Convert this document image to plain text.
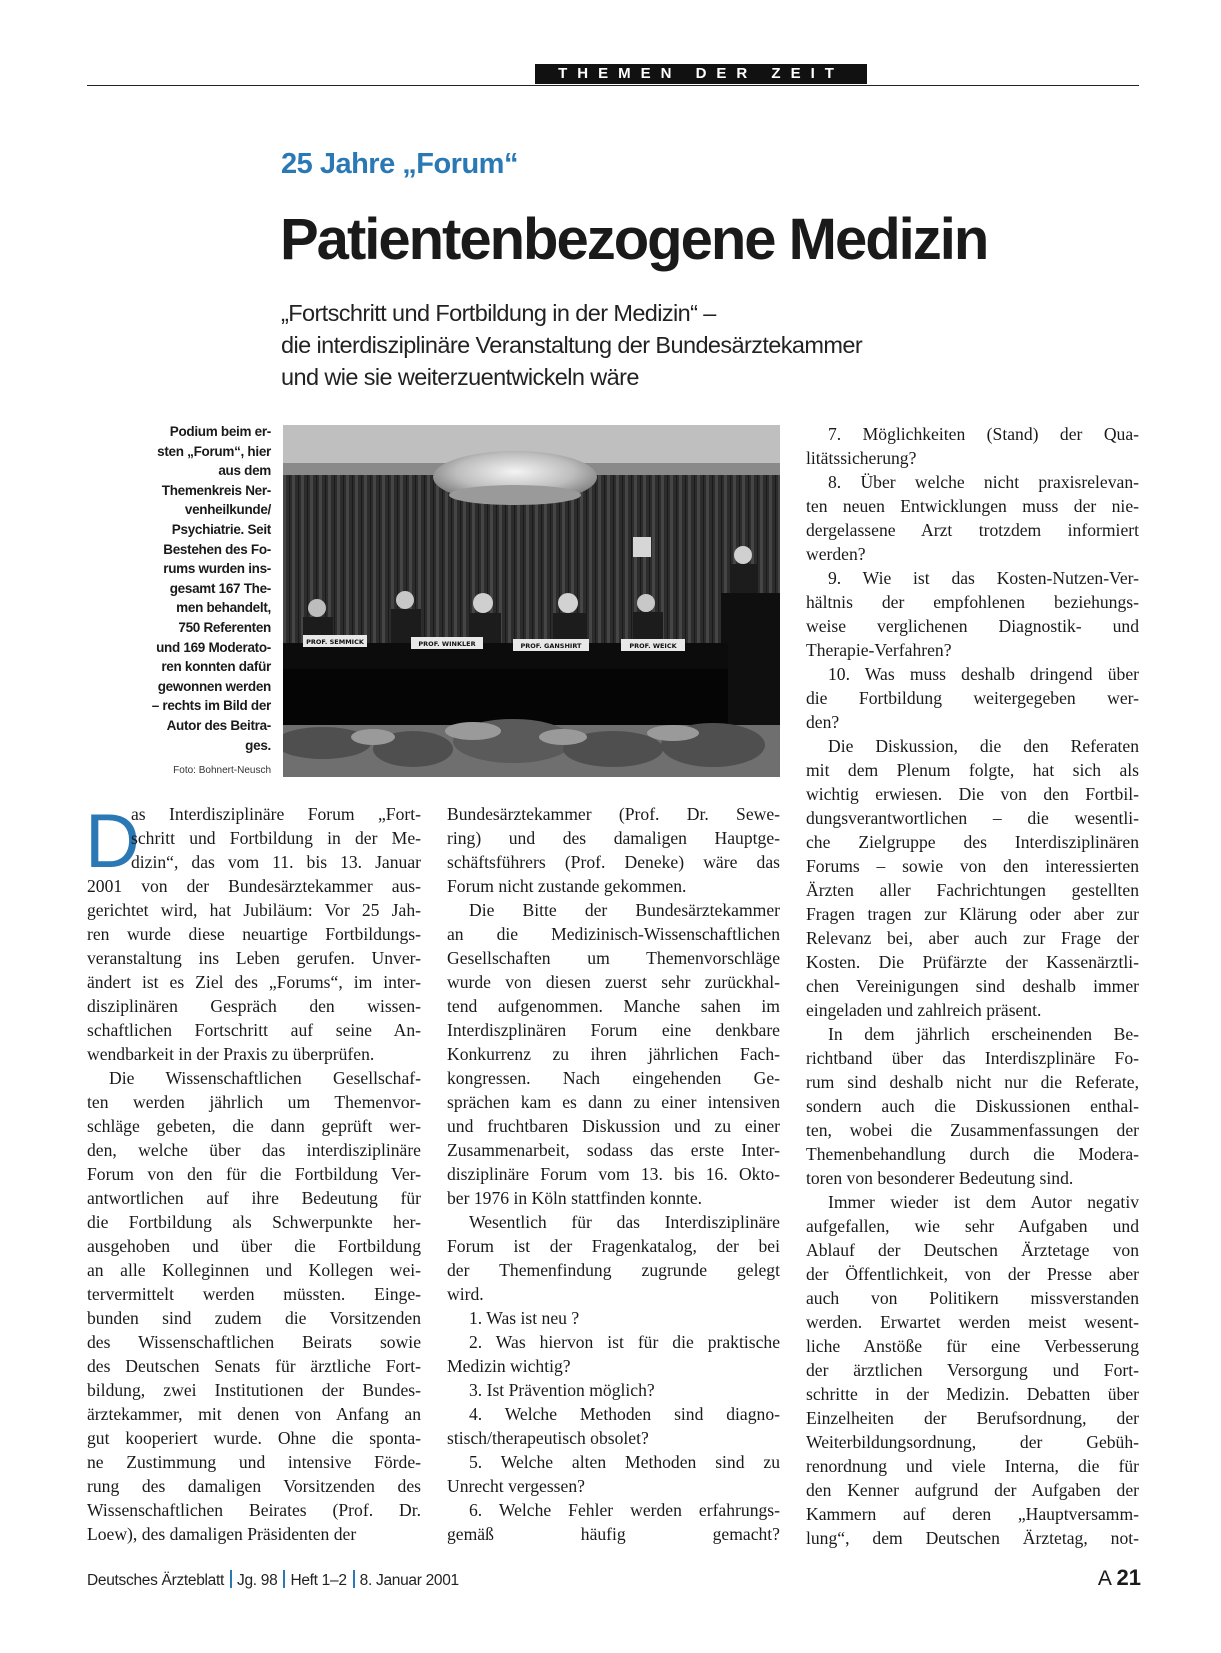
THEMEN DER ZEIT
25 Jahre „Forum“
Patientenbezogene Medizin
„Fortschritt und Fortbildung in der Medizin“ –
die interdisziplinäre Veranstaltung der Bundesärztekammer
und wie sie weiterzuentwickeln wäre
Podium beim er-
sten „Forum“, hier
aus dem
Themenkreis Ner-
venheilkunde/
Psychiatrie. Seit
Bestehen des Fo-
rums wurden ins-
gesamt 167 The-
men behandelt,
750 Referenten
und 169 Moderato-
ren konnten dafür
gewonnen werden
– rechts im Bild der
Autor des Beitra-
ges.
Foto: Bohnert-Neusch
PROF. SEMMICK	PROF. WINKLER	PROF. GANSHIRT	PROF. WEICK
D
as Interdisziplinäre Forum „Fort-
schritt und Fortbildung in der Me-
dizin“, das vom 11. bis 13. Januar
2001 von der Bundesärztekammer aus-
gerichtet wird, hat Jubiläum: Vor 25 Jah-
ren wurde diese neuartige Fortbildungs-
veranstaltung ins Leben gerufen. Unver-
ändert ist es Ziel des „Forums“, im inter-
disziplinären Gespräch den wissen-
schaftlichen Fortschritt auf seine An-
wendbarkeit in der Praxis zu überprüfen.
Die Wissenschaftlichen Gesellschaf-
ten werden jährlich um Themenvor-
schläge gebeten, die dann geprüft wer-
den, welche über das interdisziplinäre
Forum von den für die Fortbildung Ver-
antwortlichen auf ihre Bedeutung für
die Fortbildung als Schwerpunkte her-
ausgehoben und über die Fortbildung
an alle Kolleginnen und Kollegen wei-
tervermittelt werden müssten. Einge-
bunden sind zudem die Vorsitzenden
des Wissenschaftlichen Beirats sowie
des Deutschen Senats für ärztliche Fort-
bildung, zwei Institutionen der Bundes-
ärztekammer, mit denen von Anfang an
gut kooperiert wurde. Ohne die sponta-
ne Zustimmung und intensive Förde-
rung des damaligen Vorsitzenden des
Wissenschaftlichen Beirates (Prof. Dr.
Loew), des damaligen Präsidenten der
Bundesärztekammer (Prof. Dr. Sewe-
ring) und des damaligen Hauptge-
schäftsführers (Prof. Deneke) wäre das
Forum nicht zustande gekommen.
Die Bitte der Bundesärztekammer
an die Medizinisch-Wissenschaftlichen
Gesellschaften um Themenvorschläge
wurde von diesen zuerst sehr zurückhal-
tend aufgenommen. Manche sahen im
Interdiszplinären Forum eine denkbare
Konkurrenz zu ihren jährlichen Fach-
kongressen. Nach eingehenden Ge-
sprächen kam es dann zu einer intensiven
und fruchtbaren Diskussion und zu einer
Zusammenarbeit, sodass das erste Inter-
disziplinäre Forum vom 13. bis 16. Okto-
ber 1976 in Köln stattfinden konnte.
Wesentlich für das Interdisziplinäre
Forum ist der Fragenkatalog, der bei
der Themenfindung zugrunde gelegt
wird.
1. Was ist neu ?
2. Was hiervon ist für die praktische
Medizin wichtig?
3. Ist Prävention möglich?
4. Welche Methoden sind diagno-
stisch/therapeutisch obsolet?
5. Welche alten Methoden sind zu
Unrecht vergessen?
6. Welche Fehler werden erfahrungs-
gemäß häufig gemacht?
7. Möglichkeiten (Stand) der Qua-
litätssicherung?
8. Über welche nicht praxisrelevan-
ten neuen Entwicklungen muss der nie-
dergelassene Arzt trotzdem informiert
werden?
9. Wie ist das Kosten-Nutzen-Ver-
hältnis der empfohlenen beziehungs-
weise verglichenen Diagnostik- und
Therapie-Verfahren?
10. Was muss deshalb dringend über
die Fortbildung weitergegeben wer-
den?
Die Diskussion, die den Referaten
mit dem Plenum folgte, hat sich als
wichtig erwiesen. Die von den Fortbil-
dungsverantwortlichen – die wesentli-
che Zielgruppe des Interdisziplinären
Forums – sowie von den interessierten
Ärzten aller Fachrichtungen gestellten
Fragen tragen zur Klärung oder aber zur
Relevanz bei, aber auch zur Frage der
Kosten. Die Prüfärzte der Kassenärztli-
chen Vereinigungen sind deshalb immer
eingeladen und zahlreich präsent.
In dem jährlich erscheinenden Be-
richtband über das Interdiszplinäre Fo-
rum sind deshalb nicht nur die Referate,
sondern auch die Diskussionen enthal-
ten, wobei die Zusammenfassungen der
Themenbehandlung durch die Modera-
toren von besonderer Bedeutung sind.
Immer wieder ist dem Autor negativ
aufgefallen, wie sehr Aufgaben und
Ablauf der Deutschen Ärztetage von
der Öffentlichkeit, von der Presse aber
auch von Politikern missverstanden
werden. Erwartet werden meist wesent-
liche Anstöße für eine Verbesserung
der ärztlichen Versorgung und Fort-
schritte in der Medizin. Debatten über
Einzelheiten der Berufsordnung, der
Weiterbildungsordnung, der Gebüh-
renordnung und viele Interna, die für
den Kenner aufgrund der Aufgaben der
Kammern auf deren „Hauptversamm-
lung“, dem Deutschen Ärztetag, not-
Deutsches Ärzteblatt Jg. 98 Heft 1–2 8. Januar 2001	A 21
